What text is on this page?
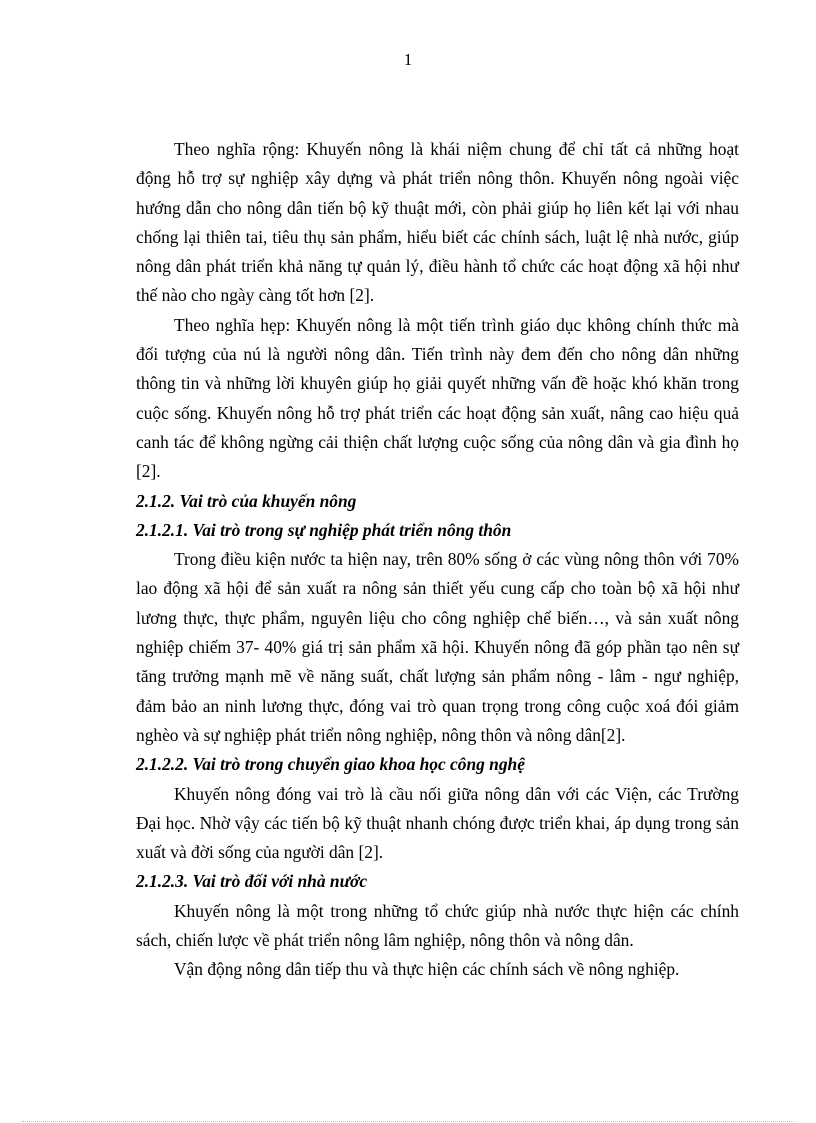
1

Theo nghĩa rộng: Khuyến nông là khái niệm chung để chỉ tất cả những hoạt động hỗ trợ sự nghiệp xây dựng và phát triển nông thôn. Khuyến nông ngoài việc hướng dẫn cho nông dân tiến bộ kỹ thuật mới, còn phải giúp họ liên kết lại với nhau chống lại thiên tai, tiêu thụ sản phẩm, hiểu biết các chính sách, luật lệ nhà nước, giúp nông dân phát triển khả năng tự quản lý, điều hành tổ chức các hoạt động xã hội như thế nào cho ngày càng tốt hơn [2].

Theo nghĩa hẹp: Khuyến nông là một tiến trình giáo dục không chính thức mà đối tượng của nú là người nông dân. Tiến trình này đem đến cho nông dân những thông tin và những lời khuyên giúp họ giải quyết những vấn đề hoặc khó khăn trong cuộc sống. Khuyến nông hỗ trợ phát triển các hoạt động sản xuất, nâng cao hiệu quả canh tác để không ngừng cải thiện chất lượng cuộc sống của nông dân và gia đình họ [2].

2.1.2. Vai trò của khuyến nông
2.1.2.1. Vai trò trong sự nghiệp phát triển nông thôn

Trong điều kiện nước ta hiện nay, trên 80% sống ở các vùng nông thôn với 70% lao động xã hội để sản xuất ra nông sản thiết yếu cung cấp cho toàn bộ xã hội như lương thực, thực phẩm, nguyên liệu cho công nghiệp chế biến…, và sản xuất nông nghiệp chiếm 37- 40% giá trị sản phẩm xã hội. Khuyến nông đã góp phần tạo nên sự tăng trưởng mạnh mẽ về năng suất, chất lượng sản phẩm nông - lâm - ngư nghiệp, đảm bảo an ninh lương thực, đóng vai trò quan trọng trong công cuộc xoá đói giảm nghèo và sự nghiệp phát triển nông nghiệp, nông thôn và nông dân[2].

2.1.2.2. Vai trò trong chuyển giao khoa học công nghệ

Khuyến nông đóng vai trò là cầu nối giữa nông dân với các Viện, các Trường Đại học. Nhờ vậy các tiến bộ kỹ thuật nhanh chóng được triển khai, áp dụng trong sản xuất và đời sống của người dân [2].

2.1.2.3. Vai trò đối với nhà nước

Khuyến nông là một trong những tổ chức giúp nhà nước thực hiện các chính sách, chiến lược về phát triển nông lâm nghiệp, nông thôn và nông dân.

Vận động nông dân tiếp thu và thực hiện các chính sách về nông nghiệp.
